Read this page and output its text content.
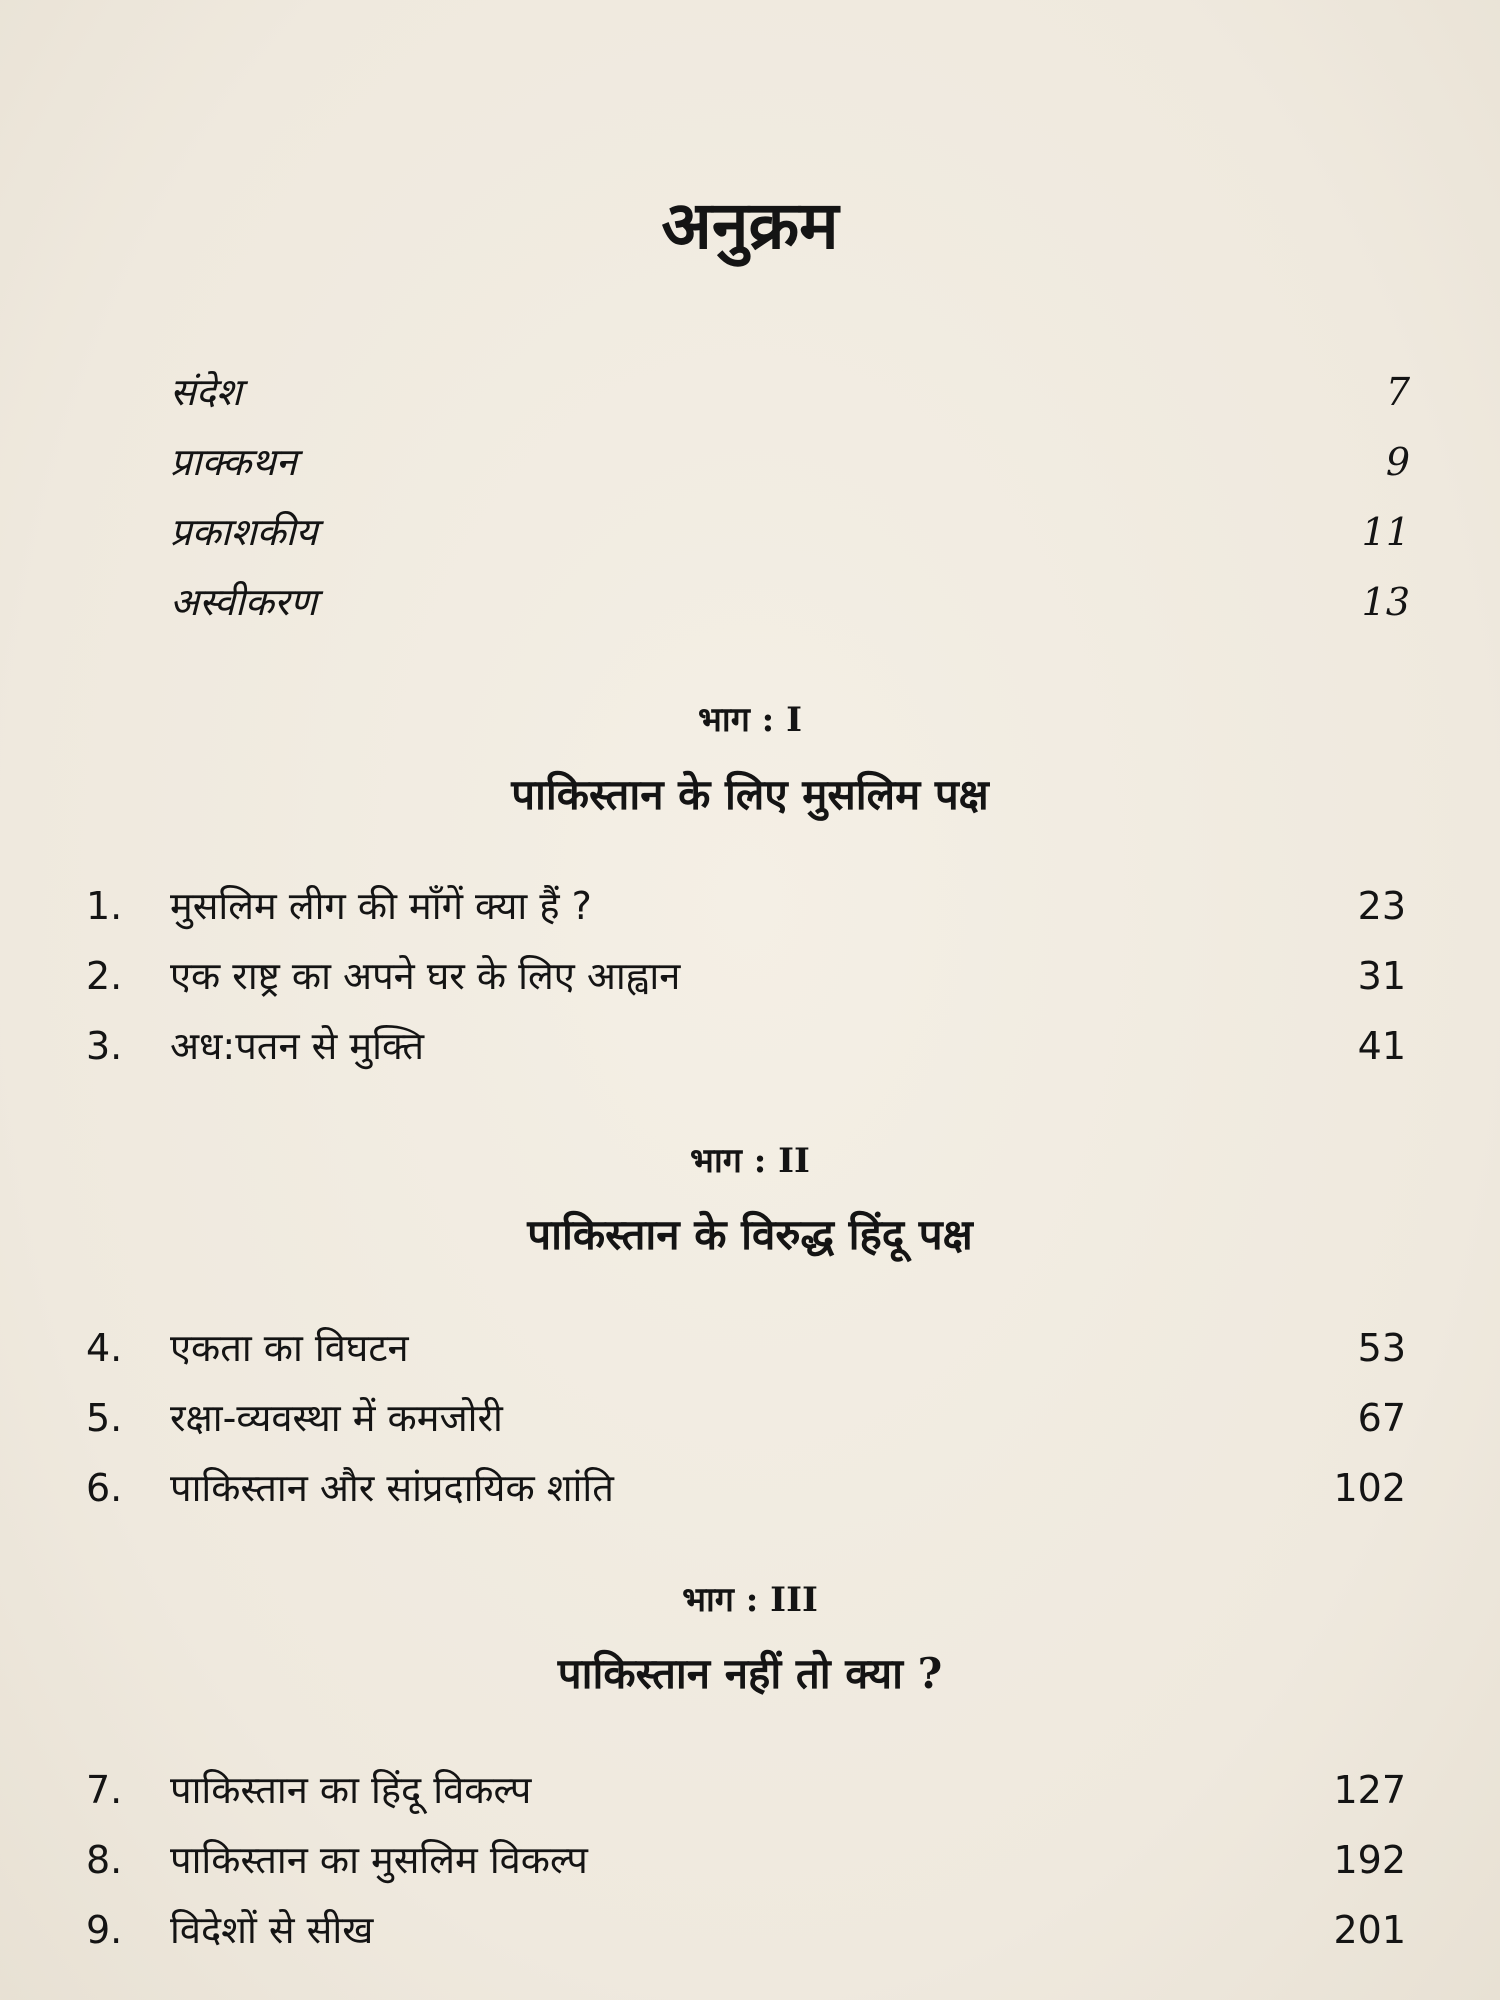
अनुक्रम
संदेश	7
प्राक्कथन	9
प्रकाशकीय	11
अस्वीकरण	13
भाग : I
पाकिस्तान के लिए मुसलिम पक्ष
1. मुसलिम लीग की माँगें क्या हैं ?	23
2. एक राष्ट्र का अपने घर के लिए आह्वान	31
3. अध:पतन से मुक्ति	41
भाग : II
पाकिस्तान के विरुद्ध हिंदू पक्ष
4. एकता का विघटन	53
5. रक्षा-व्यवस्था में कमजोरी	67
6. पाकिस्तान और सांप्रदायिक शांति	102
भाग : III
पाकिस्तान नहीं तो क्या ?
7. पाकिस्तान का हिंदू विकल्प	127
8. पाकिस्तान का मुसलिम विकल्प	192
9. विदेशों से सीख	201
